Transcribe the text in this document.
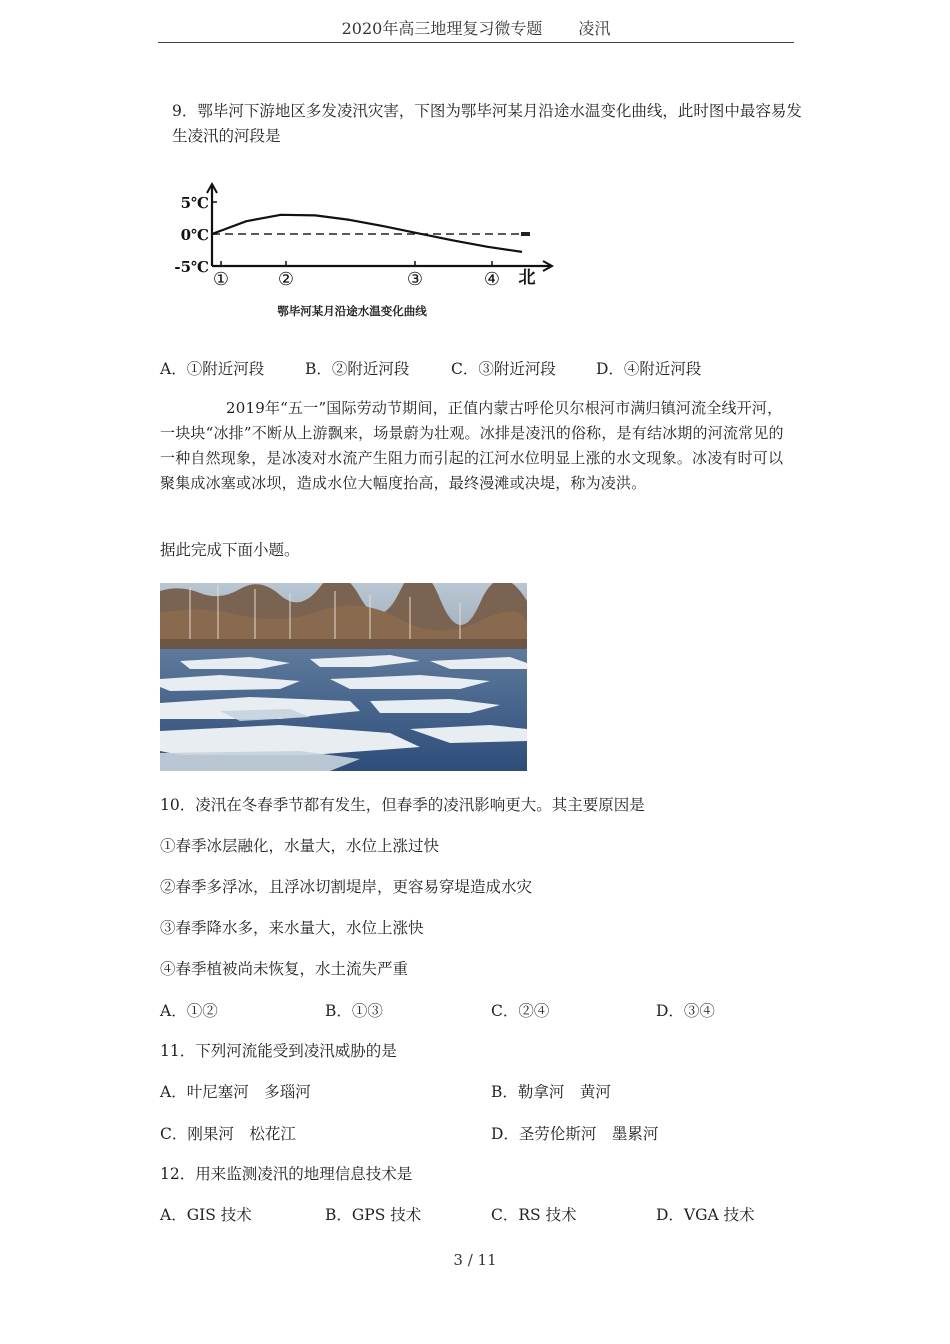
2020年高三地理复习微专题 凌汛
9．鄂毕河下游地区多发凌汛灾害，下图为鄂毕河某月沿途水温变化曲线，此时图中最容易发生凌汛的河段是
5℃
0℃
-5℃
①	②	③	④ 北
鄂毕河某月沿途水温变化曲线
A．①附近河段	B．②附近河段	C．③附近河段	D．④附近河段
2019年“五一”国际劳动节期间，正值内蒙古呼伦贝尔根河市满归镇河流全线开河，一块块“冰排”不断从上游飘来，场景蔚为壮观。冰排是凌汛的俗称，是有结冰期的河流常见的一种自然现象，是冰凌对水流产生阻力而引起的江河水位明显上涨的水文现象。冰凌有时可以聚集成冰塞或冰坝，造成水位大幅度抬高，最终漫滩或决堤，称为凌洪。
据此完成下面小题。
10．凌汛在冬春季节都有发生，但春季的凌汛影响更大。其主要原因是
①春季冰层融化，水量大，水位上涨过快
②春季多浮冰，且浮冰切割堤岸，更容易穿堤造成水灾
③春季降水多，来水量大，水位上涨快
④春季植被尚未恢复，水土流失严重
A．①②	B．①③	C．②④	D．③④
11．下列河流能受到凌汛威胁的是
A．叶尼塞河　多瑙河	B．勒拿河　黄河
C．刚果河　松花江	D．圣劳伦斯河　墨累河
12．用来监测凌汛的地理信息技术是
A．GIS 技术	B．GPS 技术	C．RS 技术	D．VGA 技术
3 / 11
